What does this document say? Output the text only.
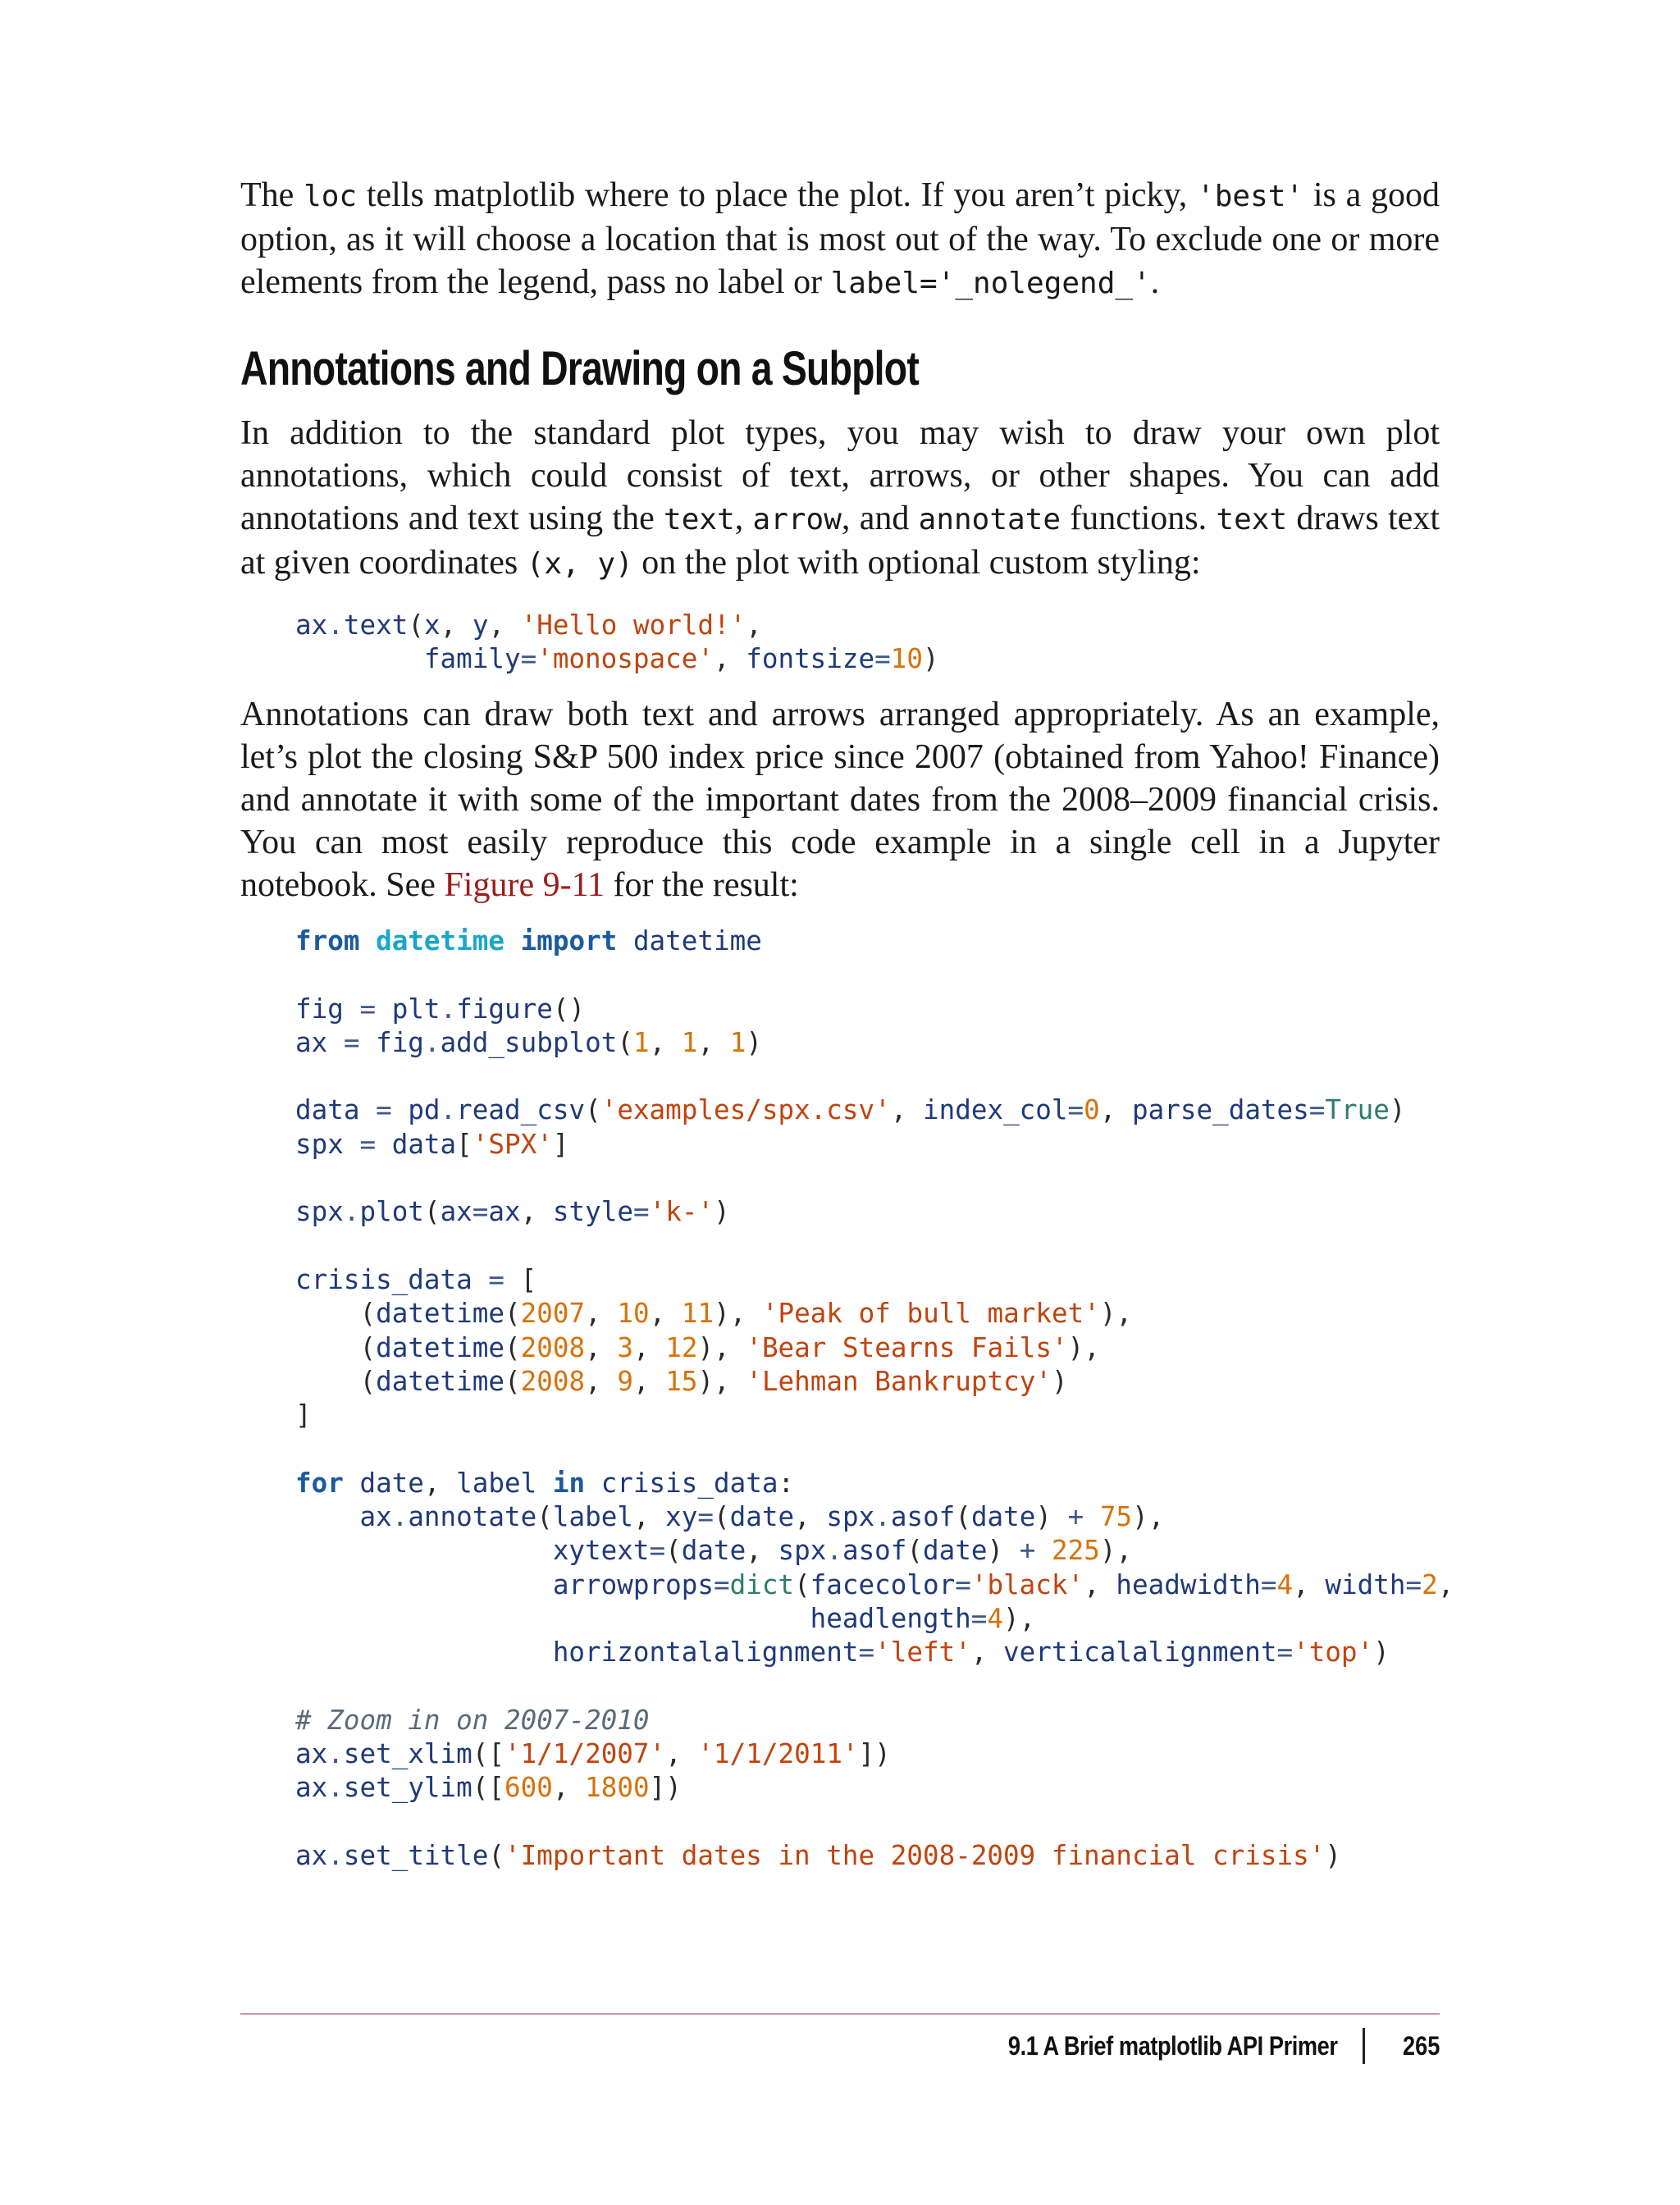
The loc tells matplotlib where to place the plot. If you aren’t picky, 'best' is a good option, as it will choose a location that is most out of the way. To exclude one or more elements from the legend, pass no label or label='_nolegend_'.

Annotations and Drawing on a Subplot

In addition to the standard plot types, you may wish to draw your own plot annotations, which could consist of text, arrows, or other shapes. You can add annotations and text using the text, arrow, and annotate functions. text draws text at given coordinates (x, y) on the plot with optional custom styling:

ax.text(x, y, 'Hello world!',
family='monospace', fontsize=10)

Annotations can draw both text and arrows arranged appropriately. As an example, let’s plot the closing S&P 500 index price since 2007 (obtained from Yahoo! Finance) and annotate it with some of the important dates from the 2008–2009 financial crisis. You can most easily reproduce this code example in a single cell in a Jupyter notebook. See Figure 9-11 for the result:

from datetime import datetime

fig = plt.figure()
ax = fig.add_subplot(1, 1, 1)

data = pd.read_csv('examples/spx.csv', index_col=0, parse_dates=True)
spx = data['SPX']

spx.plot(ax=ax, style='k-')

crisis_data = [
(datetime(2007, 10, 11), 'Peak of bull market'),
(datetime(2008, 3, 12), 'Bear Stearns Fails'),
(datetime(2008, 9, 15), 'Lehman Bankruptcy')
]

for date, label in crisis_data:
ax.annotate(label, xy=(date, spx.asof(date) + 75),
xytext=(date, spx.asof(date) + 225),
arrowprops=dict(facecolor='black', headwidth=4, width=2,
headlength=4),
horizontalalignment='left', verticalalignment='top')

# Zoom in on 2007-2010
ax.set_xlim(['1/1/2007', '1/1/2011'])
ax.set_ylim([600, 1800])

ax.set_title('Important dates in the 2008-2009 financial crisis')
9.1 A Brief matplotlib API Primer 265
